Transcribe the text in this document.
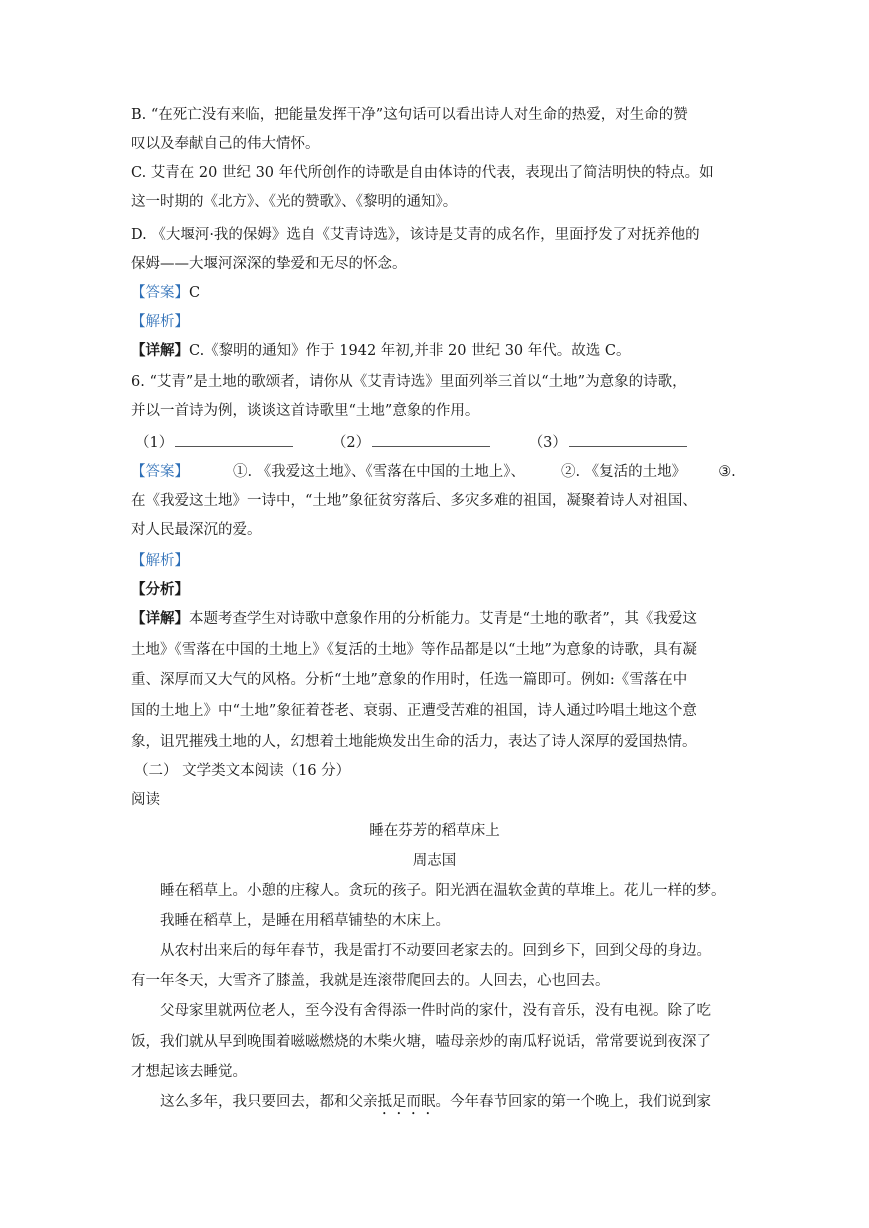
B. “在死亡没有来临，把能量发挥干净”这句话可以看出诗人对生命的热爱，对生命的赞
叹以及奉献自己的伟大情怀。
C. 艾青在 20 世纪 30 年代所创作的诗歌是自由体诗的代表，表现出了简洁明快的特点。如
这一时期的《北方》、《光的赞歌》、《黎明的通知》。
D. 《大堰河·我的保姆》选自《艾青诗选》，该诗是艾青的成名作，里面抒发了对抚养他的
保姆——大堰河深深的挚爱和无尽的怀念。
【答案】C
【解析】
【详解】C.《黎明的通知》作于 1942 年初,并非 20 世纪 30 年代。故选 C。
6. “艾青”是土地的歌颂者，请你从《艾青诗选》里面列举三首以“土地”为意象的诗歌，
并以一首诗为例，谈谈这首诗歌里“土地”意象的作用。
（1）	（2）	（3）
【答案】	①. 《我爱这土地》、《雪落在中国的土地上》、 ②. 《复活的土地》 ③.
在《我爱这土地》一诗中，“土地”象征贫穷落后、多灾多难的祖国，凝聚着诗人对祖国、
对人民最深沉的爱。
【解析】
【分析】
【详解】本题考查学生对诗歌中意象作用的分析能力。艾青是“土地的歌者”，其《我爱这
土地》《雪落在中国的土地上》《复活的土地》等作品都是以“土地”为意象的诗歌，具有凝
重、深厚而又大气的风格。分析“土地”意象的作用时，任选一篇即可。例如:《雪落在中
国的土地上》中“土地”象征着苍老、衰弱、正遭受苦难的祖国，诗人通过吟唱土地这个意
象，诅咒摧残土地的人，幻想着土地能焕发出生命的活力，表达了诗人深厚的爱国热情。
（二） 文学类文本阅读（16 分）
阅读
睡在芬芳的稻草床上
周志国
睡在稻草上。小憩的庄稼人。贪玩的孩子。阳光洒在温软金黄的草堆上。花儿一样的梦。
我睡在稻草上，是睡在用稻草铺垫的木床上。
从农村出来后的每年春节，我是雷打不动要回老家去的。回到乡下，回到父母的身边。
有一年冬天，大雪齐了膝盖，我就是连滚带爬回去的。人回去，心也回去。
父母家里就两位老人，至今没有舍得添一件时尚的家什，没有音乐，没有电视。除了吃
饭，我们就从早到晚围着嗞嗞燃烧的木柴火塘，嗑母亲炒的南瓜籽说话，常常要说到夜深了
才想起该去睡觉。
这么多年，我只要回去，都和父亲抵足而眠。今年春节回家的第一个晚上，我们说到家
